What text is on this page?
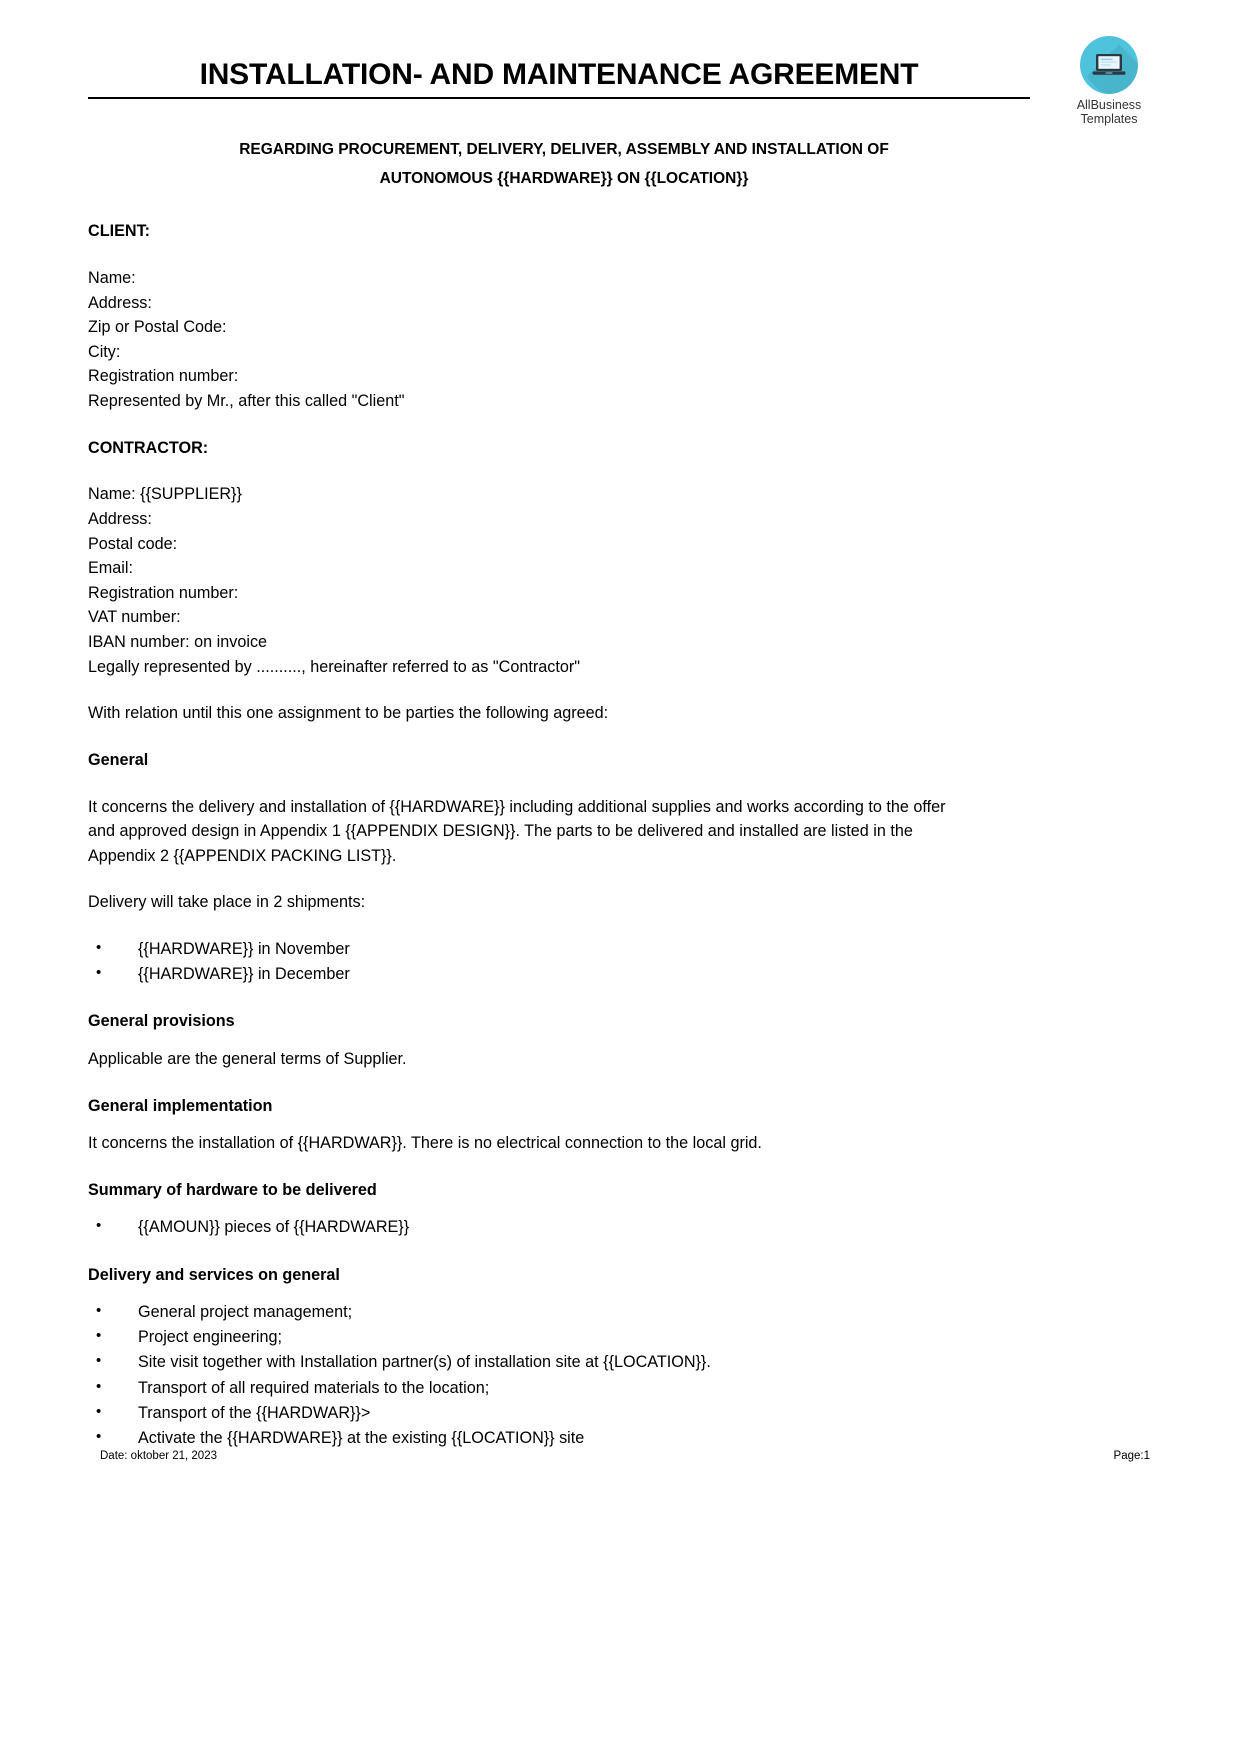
INSTALLATION- AND MAINTENANCE AGREEMENT
AllBusiness
Templates
REGARDING PROCUREMENT, DELIVERY, DELIVER, ASSEMBLY AND INSTALLATION OF
AUTONOMOUS {{HARDWARE}} ON {{LOCATION}}
CLIENT:
Name:
Address:
Zip or Postal Code:
City:
Registration number:
Represented by Mr., after this called "Client"
CONTRACTOR:
Name: {{SUPPLIER}}
Address:
Postal code:
Email:
Registration number:
VAT number:
IBAN number: on invoice
Legally represented by .........., hereinafter referred to as "Contractor"
With relation until this one assignment to be parties the following agreed:
General
It concerns the delivery and installation of {{HARDWARE}} including additional supplies and works according to the offer and approved design in Appendix 1 {{APPENDIX DESIGN}}. The parts to be delivered and installed are listed in the Appendix 2 {{APPENDIX PACKING LIST}}.
Delivery will take place in 2 shipments:
• {{HARDWARE}} in November
• {{HARDWARE}} in December
General provisions
Applicable are the general terms of Supplier.
General implementation
It concerns the installation of {{HARDWAR}}. There is no electrical connection to the local grid.
Summary of hardware to be delivered
• {{AMOUN}} pieces of {{HARDWARE}}
Delivery and services on general
• General project management;
• Project engineering;
• Site visit together with Installation partner(s) of installation site at {{LOCATION}}.
• Transport of all required materials to the location;
• Transport of the {{HARDWAR}}>
• Activate the {{HARDWARE}} at the existing {{LOCATION}} site
Date: oktober 21, 2023	Page:1
